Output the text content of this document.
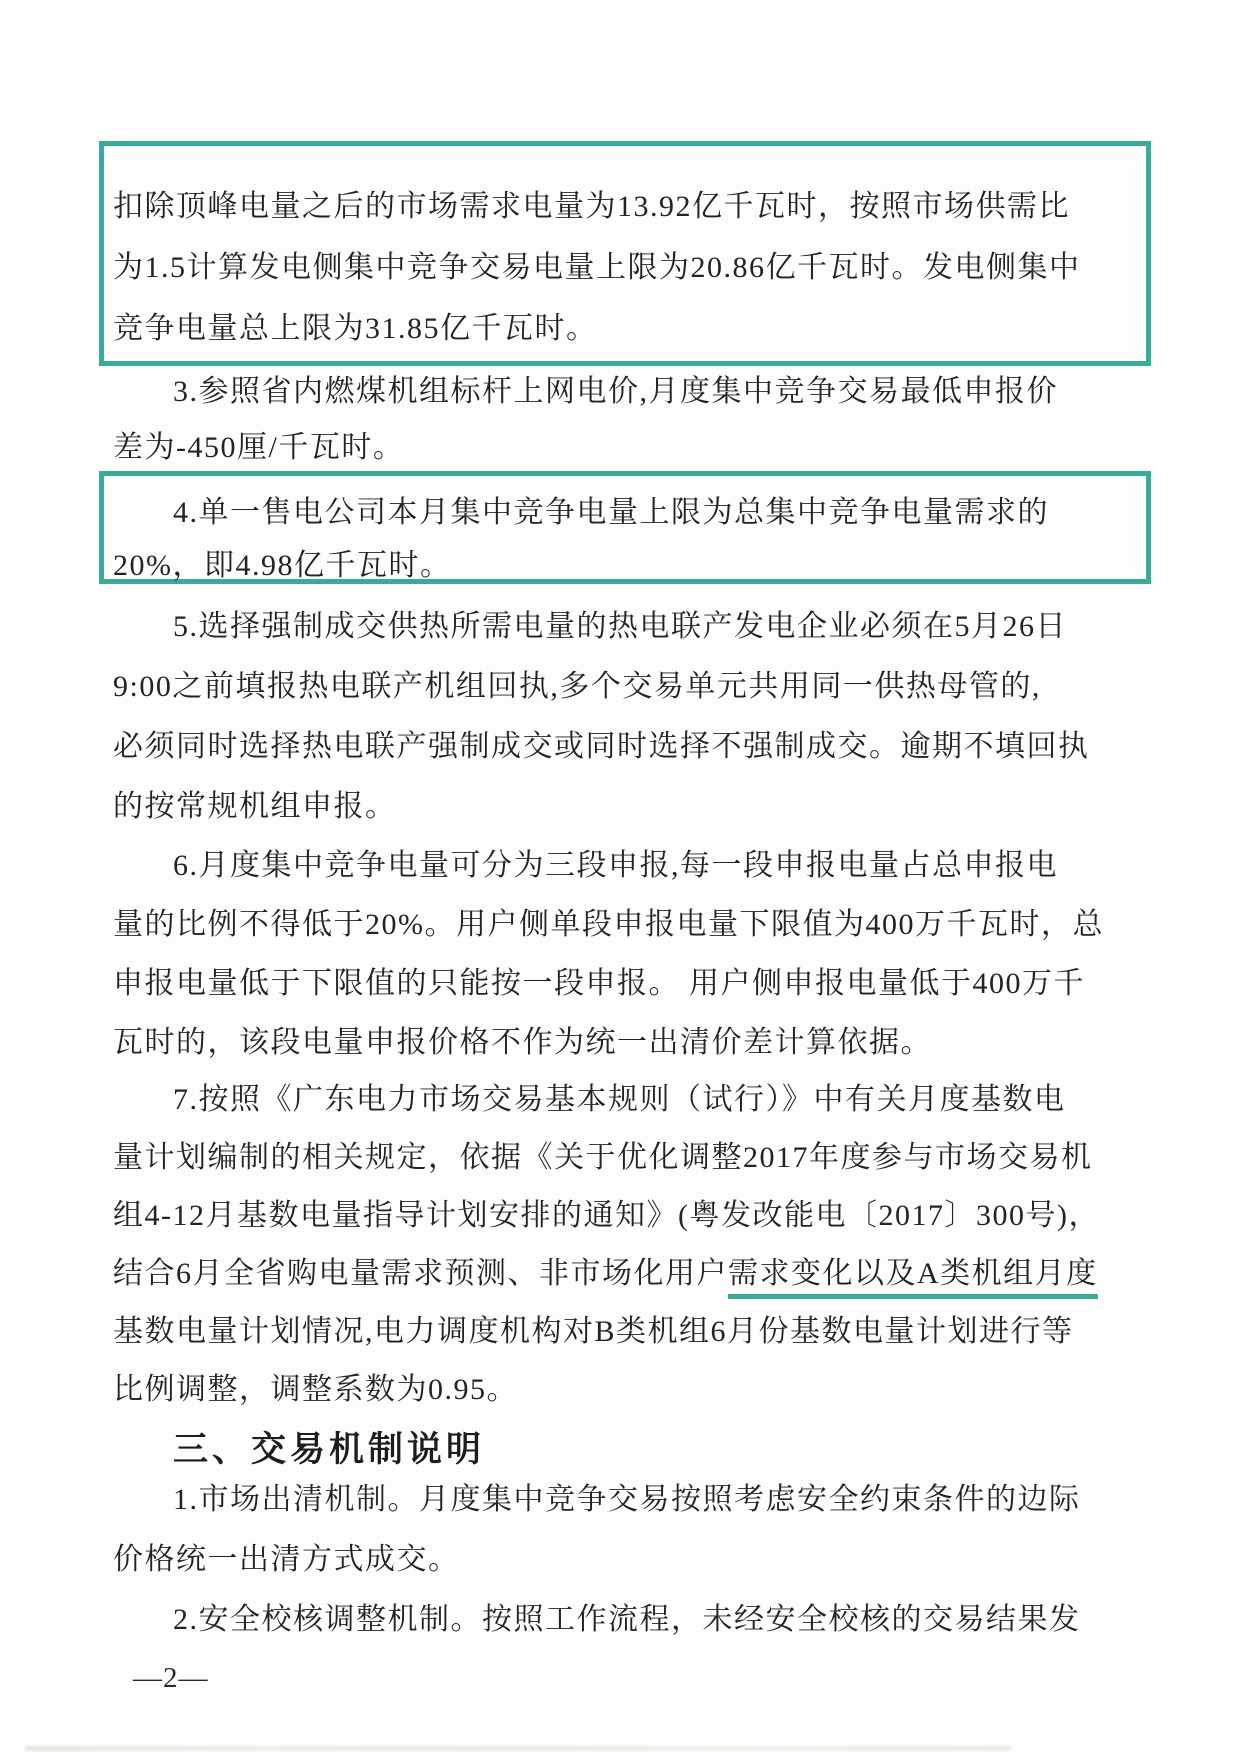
扣除顶峰电量之后的市场需求电量为13.92亿千瓦时，按照市场供需比
为1.5计算发电侧集中竞争交易电量上限为20.86亿千瓦时。发电侧集中
竞争电量总上限为31.85亿千瓦时。
3.参照省内燃煤机组标杆上网电价,月度集中竞争交易最低申报价
差为-450厘/千瓦时。
4.单一售电公司本月集中竞争电量上限为总集中竞争电量需求的
20%，即4.98亿千瓦时。
5.选择强制成交供热所需电量的热电联产发电企业必须在5月26日
9:00之前填报热电联产机组回执,多个交易单元共用同一供热母管的,
必须同时选择热电联产强制成交或同时选择不强制成交。逾期不填回执
的按常规机组申报。
6.月度集中竞争电量可分为三段申报,每一段申报电量占总申报电
量的比例不得低于20%。用户侧单段申报电量下限值为400万千瓦时，总
申报电量低于下限值的只能按一段申报。 用户侧申报电量低于400万千
瓦时的，该段电量申报价格不作为统一出清价差计算依据。
7.按照《广东电力市场交易基本规则（试行）》中有关月度基数电
量计划编制的相关规定，依据《关于优化调整2017年度参与市场交易机
组4-12月基数电量指导计划安排的通知》(粤发改能电〔2017〕300号)，
结合6月全省购电量需求预测、非市场化用户需求变化以及A类机组月度
基数电量计划情况,电力调度机构对B类机组6月份基数电量计划进行等
比例调整，调整系数为0.95。
三、交易机制说明
1.市场出清机制。月度集中竞争交易按照考虑安全约束条件的边际
价格统一出清方式成交。
2.安全校核调整机制。按照工作流程，未经安全校核的交易结果发
—2—
